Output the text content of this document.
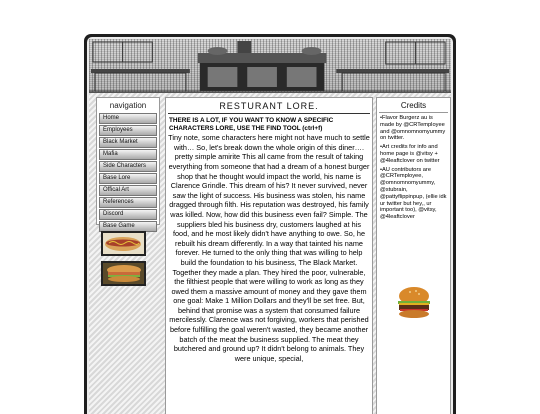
navigation
Home
Employees
Black Market
Mafia
Side Characters
Base Lore
Offical Art
References
Discord
Base Game
RESTURANT LORE.
THERE IS A LOT, IF YOU WANT TO KNOW A SPECIFIC CHARACTERS LORE, USE THE FIND TOOL (ctrl+f)
Tiny note, some characters here might not have much to settle with… So, let's break down the whole origin of this diner…. pretty simple amirite This all came from the result of taking everything from someone that had a dream of a honest burger shop that he thought would impact the world, his name is Clarence Grindle. This dream of his? It never survived, never saw the light of success. His business was stolen, his name dragged through filth. His reputation was destroyed, his family was killed. Now, how did this business even fail? Simple. The suppliers bled his business dry, customers laughed at his food, and he most likely didn't have anything to owe. So, he rebuilt his dream differently. In a way that tainted his name forever. He turned to the only thing that was willing to help build the foundation to his business, The Black Market. Together they made a plan. They hired the poor, vulnerable, the filthiest people that were willing to work as long as they owed them a massive amount of money and they gave them one goal: Make 1 Million Dollars and they'll be set free. But, behind that promise was a system that consumed failure mercilessly. Clarence was not forgiving, workers that perished before fulfilling the goal weren't wasted, they became another batch of the meat the business supplied. The meat they butchered and ground up? It didn't belong to animals. They were unique, special,
Credits
•Flavor Burgerz au is made by @CRTemployee and @omnomnomyummy on twitter.
•Art credits for info and home page is @vitsy + @4leaftclover on twitter
•AU contributors are @CRTemployee, @omnomnomyummy, @stubrain, @pattyflippinpup, (ellie idk ur twitter but hey,, ur important too), @vitsy, @4leaftclover
